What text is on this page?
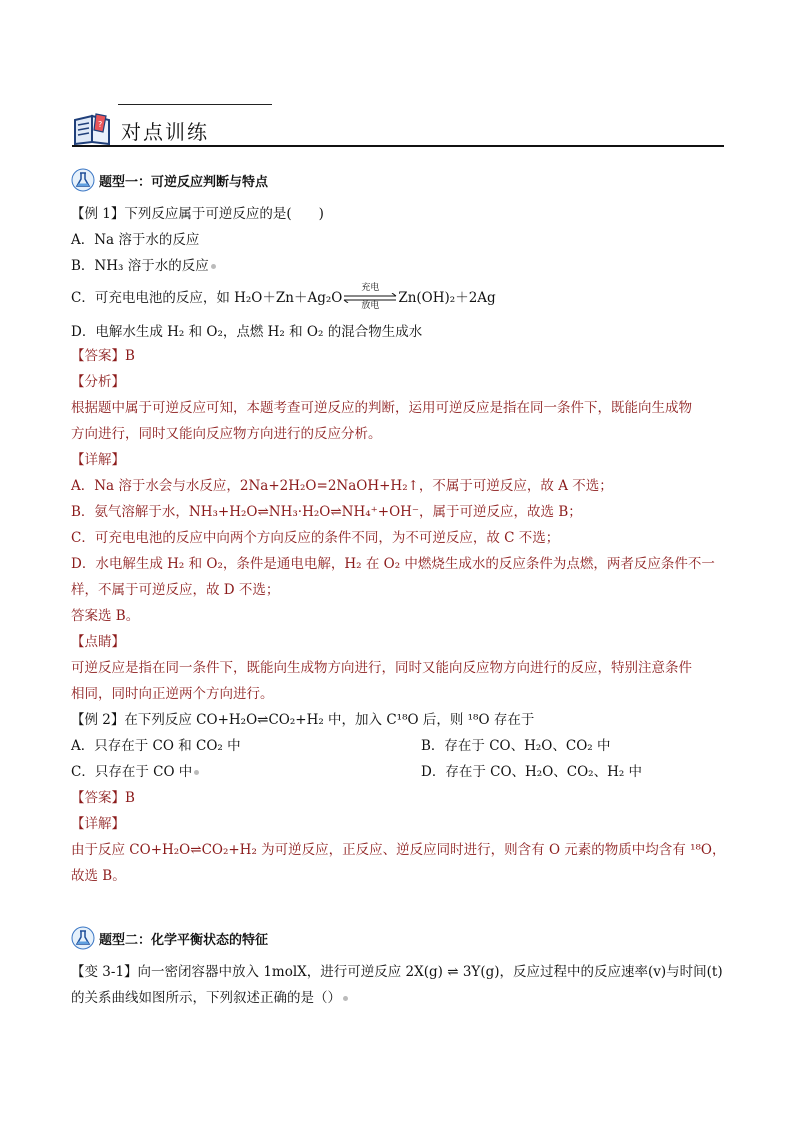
? 对点训练
题型一：可逆反应判断与特点
【例 1】下列反应属于可逆反应的是(　　)
A．Na 溶于水的反应
B．NH₃ 溶于水的反应
C．可充电电池的反应，如 H₂O＋Zn＋Ag₂O
充电
放电	Zn(OH)₂＋2Ag
D．电解水生成 H₂ 和 O₂，点燃 H₂ 和 O₂ 的混合物生成水
【答案】B
【分析】
根据题中属于可逆反应可知，本题考查可逆反应的判断，运用可逆反应是指在同一条件下，既能向生成物
方向进行，同时又能向反应物方向进行的反应分析。
【详解】
A．Na 溶于水会与水反应，2Na+2H₂O=2NaOH+H₂↑，不属于可逆反应，故 A 不选；
B．氨气溶解于水，NH₃+H₂O⇌NH₃·H₂O⇌NH₄⁺+OH⁻，属于可逆反应，故选 B；
C．可充电电池的反应中向两个方向反应的条件不同，为不可逆反应，故 C 不选；
D．水电解生成 H₂ 和 O₂，条件是通电电解，H₂ 在 O₂ 中燃烧生成水的反应条件为点燃，两者反应条件不一
样，不属于可逆反应，故 D 不选；
答案选 B。
【点睛】
可逆反应是指在同一条件下，既能向生成物方向进行，同时又能向反应物方向进行的反应，特别注意条件
相同，同时向正逆两个方向进行。
【例 2】在下列反应 CO+H₂O⇌CO₂+H₂ 中，加入 C¹⁸O 后，则 ¹⁸O 存在于
A．只存在于 CO 和 CO₂ 中	B．存在于 CO、H₂O、CO₂ 中
C．只存在于 CO 中	D．存在于 CO、H₂O、CO₂、H₂ 中
【答案】B
【详解】
由于反应 CO+H₂O⇌CO₂+H₂ 为可逆反应，正反应、逆反应同时进行，则含有 O 元素的物质中均含有 ¹⁸O，
故选 B。
题型二：化学平衡状态的特征
【变 3-1】向一密闭容器中放入 1molX，进行可逆反应 2X(g) ⇌ 3Y(g)，反应过程中的反应速率(v)与时间(t)
的关系曲线如图所示，下列叙述正确的是（）
